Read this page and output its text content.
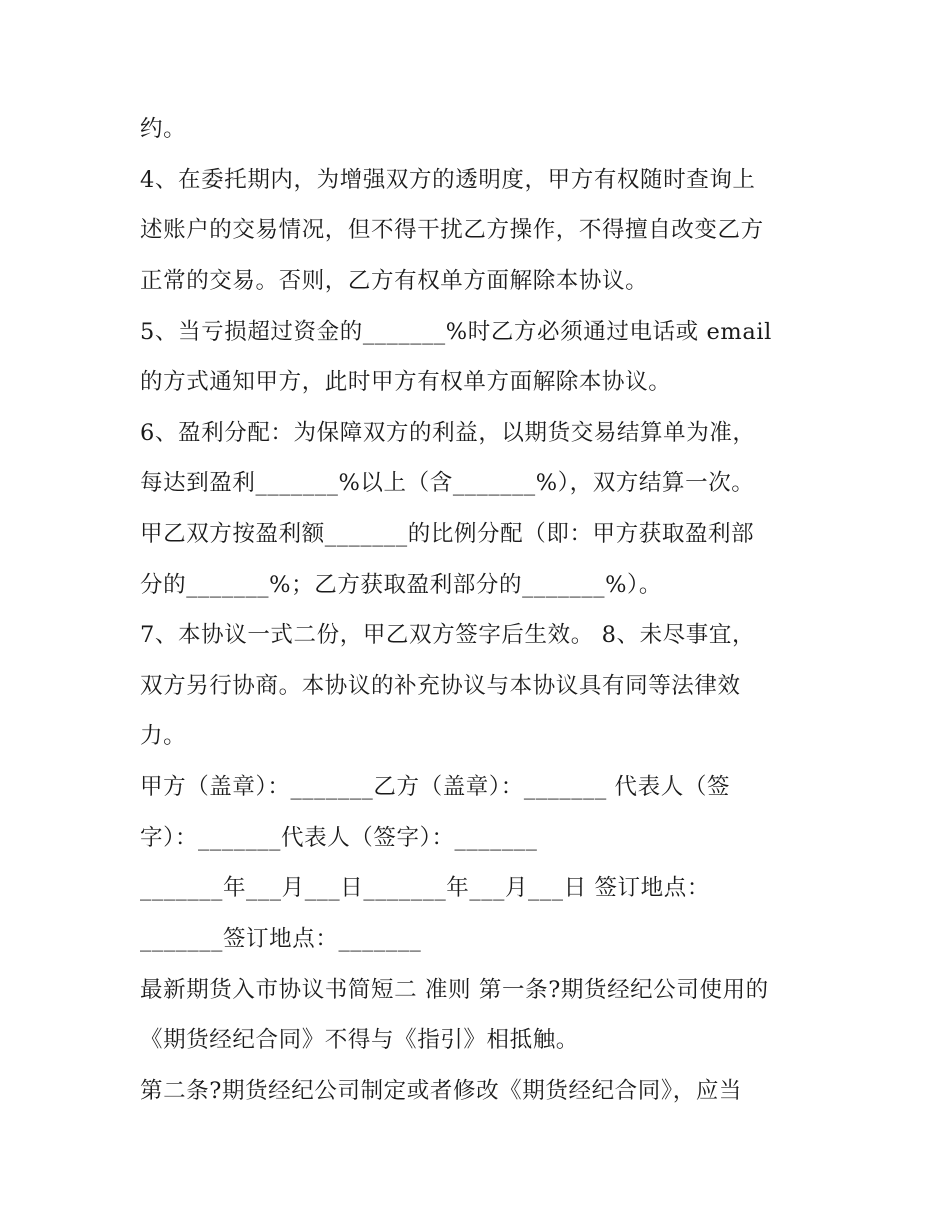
约。
4、在委托期内，为增强双方的透明度，甲方有权随时查询上
述账户的交易情况，但不得干扰乙方操作，不得擅自改变乙方
正常的交易。否则，乙方有权单方面解除本协议。
5、当亏损超过资金的_______%时乙方必须通过电话或 email
的方式通知甲方，此时甲方有权单方面解除本协议。
6、盈利分配：为保障双方的利益，以期货交易结算单为准，
每达到盈利_______%以上（含_______%），双方结算一次。
甲乙双方按盈利额_______的比例分配（即：甲方获取盈利部
分的_______%；乙方获取盈利部分的_______%）。
7、本协议一式二份，甲乙双方签字后生效。 8、未尽事宜，
双方另行协商。本协议的补充协议与本协议具有同等法律效
力。
甲方（盖章）：_______乙方（盖章）：_______ 代表人（签
字）：_______代表人（签字）：_______
_______年___月___日_______年___月___日 签订地点：
_______签订地点：_______
最新期货入市协议书简短二 准则 第一条?期货经纪公司使用的
《期货经纪合同》不得与《指引》相抵触。
第二条?期货经纪公司制定或者修改《期货经纪合同》，应当
